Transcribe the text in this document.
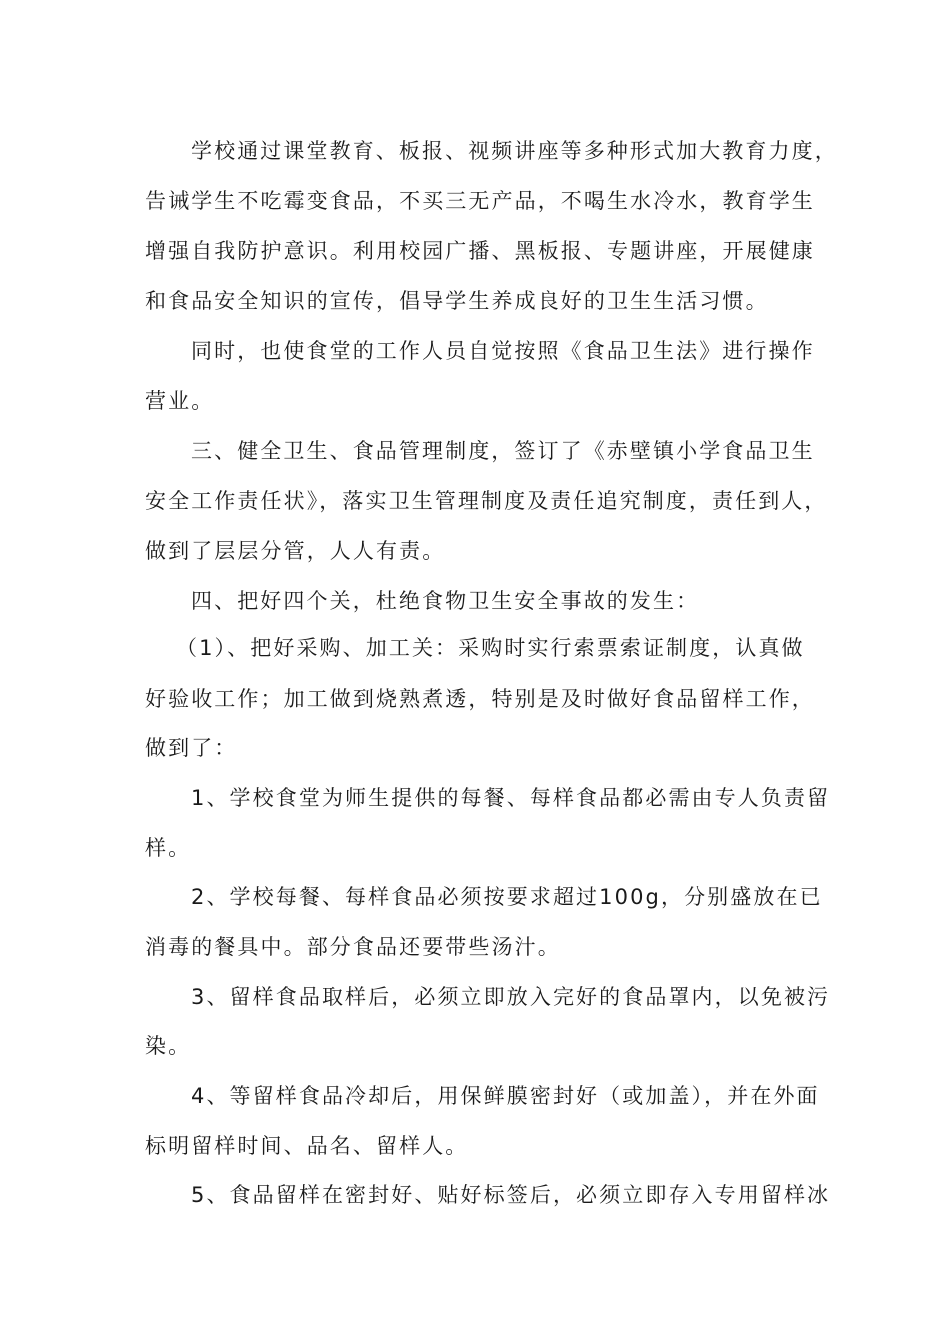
学校通过课堂教育、板报、视频讲座等多种形式加大教育力度，
告诫学生不吃霉变食品，不买三无产品，不喝生水冷水，教育学生
增强自我防护意识。利用校园广播、黑板报、专题讲座，开展健康
和食品安全知识的宣传，倡导学生养成良好的卫生生活习惯。
同时，也使食堂的工作人员自觉按照《食品卫生法》进行操作
营业。
三、健全卫生、食品管理制度，签订了《赤壁镇小学食品卫生
安全工作责任状》，落实卫生管理制度及责任追究制度，责任到人，
做到了层层分管，人人有责。
四、把好四个关，杜绝食物卫生安全事故的发生：
（1）、把好采购、加工关：采购时实行索票索证制度，认真做
好验收工作；加工做到烧熟煮透，特别是及时做好食品留样工作，
做到了：
1、学校食堂为师生提供的每餐、每样食品都必需由专人负责留
样。
2、学校每餐、每样食品必须按要求超过100g，分别盛放在已
消毒的餐具中。部分食品还要带些汤汁。
3、留样食品取样后，必须立即放入完好的食品罩内，以免被污
染。
4、等留样食品冷却后，用保鲜膜密封好（或加盖），并在外面
标明留样时间、品名、留样人。
5、食品留样在密封好、贴好标签后，必须立即存入专用留样冰
